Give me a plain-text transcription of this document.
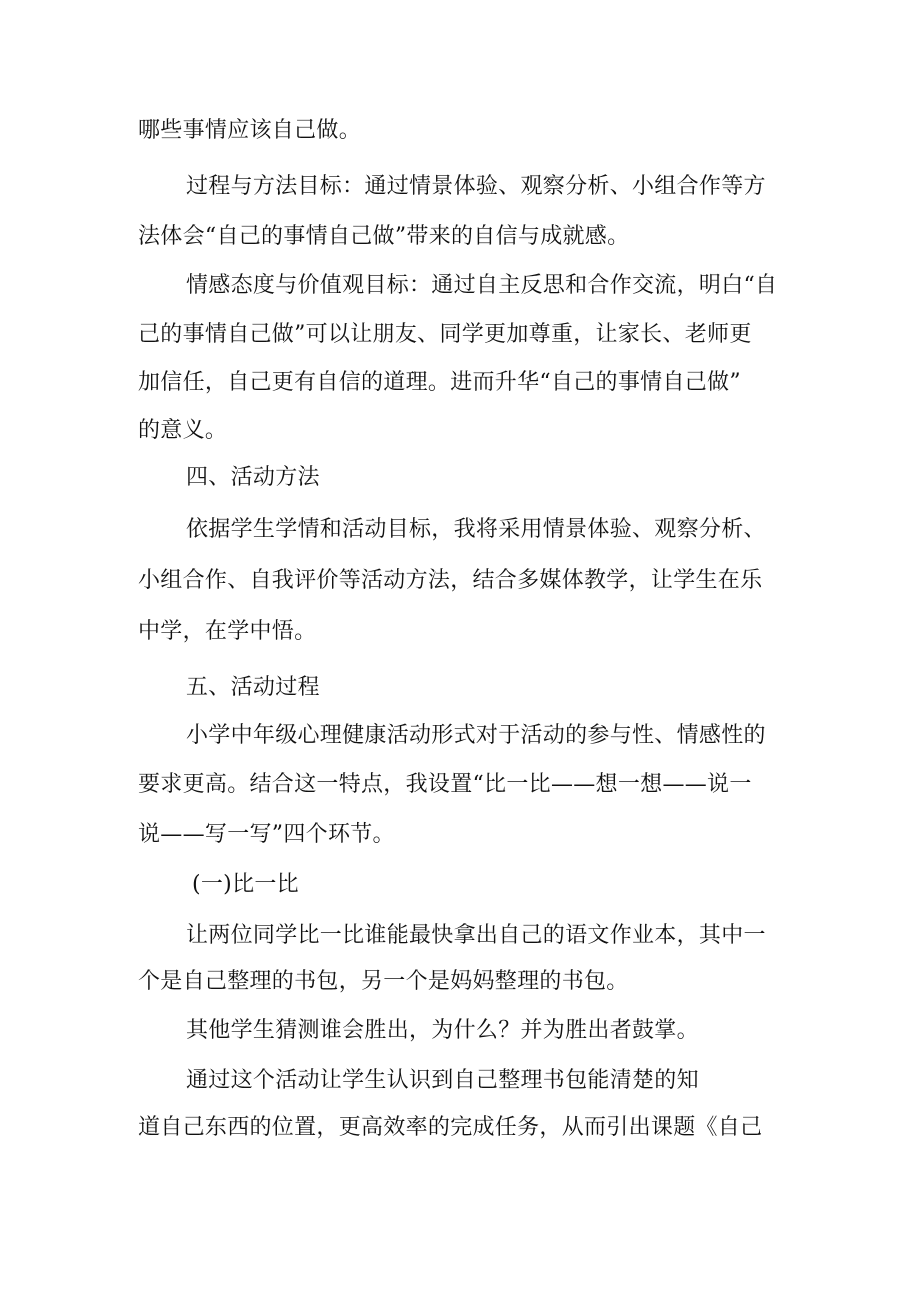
哪些事情应该自己做。
过程与方法目标：通过情景体验、观察分析、小组合作等方
法体会“自己的事情自己做”带来的自信与成就感。
情感态度与价值观目标：通过自主反思和合作交流，明白“自
己的事情自己做”可以让朋友、同学更加尊重，让家长、老师更
加信任，自己更有自信的道理。进而升华“自己的事情自己做”
的意义。
四、活动方法
依据学生学情和活动目标，我将采用情景体验、观察分析、
小组合作、自我评价等活动方法，结合多媒体教学，让学生在乐
中学，在学中悟。
五、活动过程
小学中年级心理健康活动形式对于活动的参与性、情感性的
要求更高。结合这一特点，我设置“比一比——想一想——说一
说——写一写”四个环节。
(一)比一比
让两位同学比一比谁能最快拿出自己的语文作业本，其中一
个是自己整理的书包，另一个是妈妈整理的书包。
其他学生猜测谁会胜出，为什么？并为胜出者鼓掌。
通过这个活动让学生认识到自己整理书包能清楚的知
道自己东西的位置，更高效率的完成任务，从而引出课题《自己
